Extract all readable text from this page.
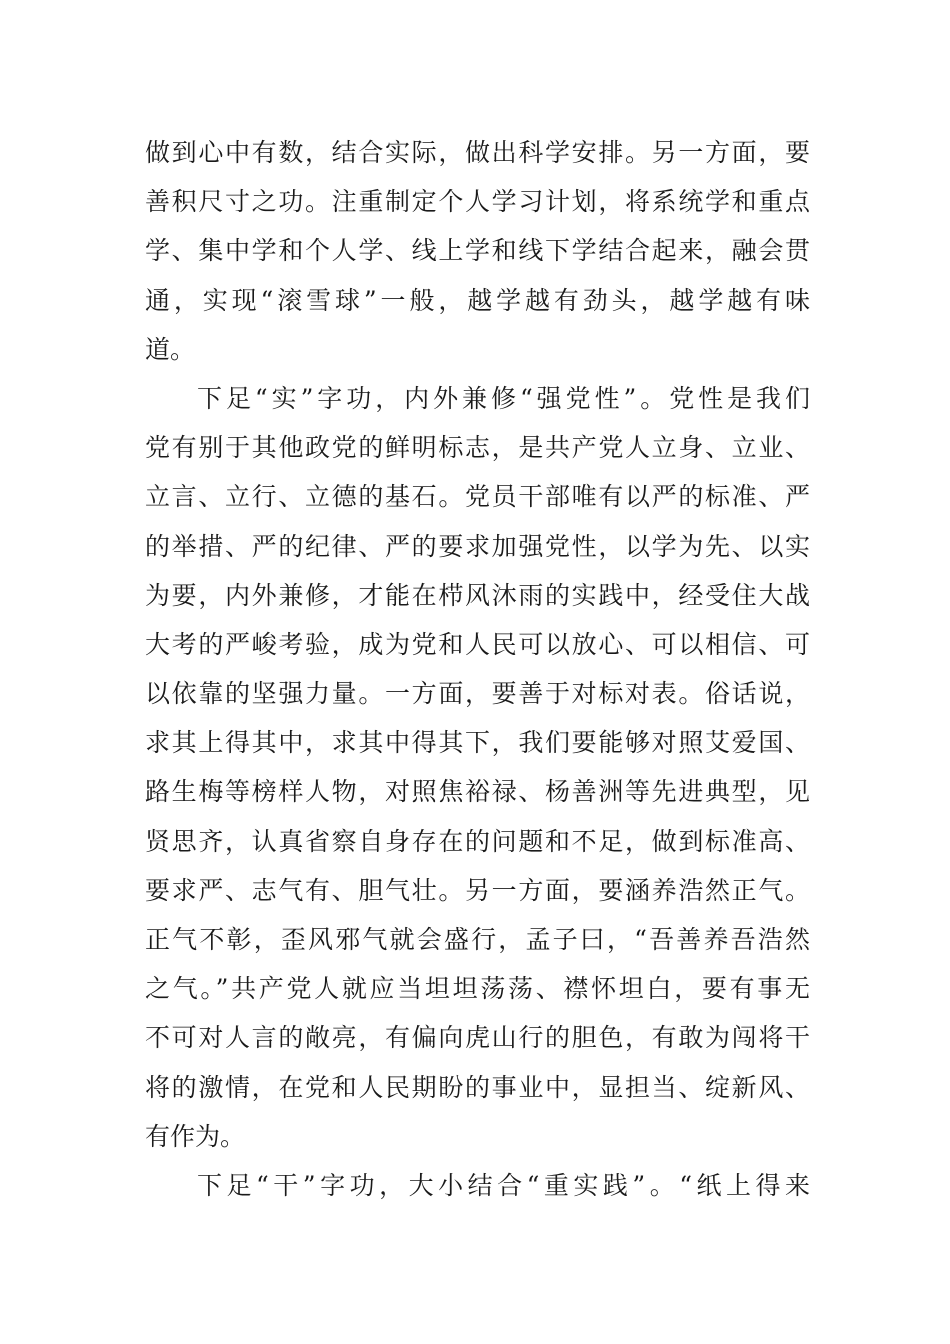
做到心中有数，结合实际，做出科学安排。另一方面，要
善积尺寸之功。注重制定个人学习计划，将系统学和重点
学、集中学和个人学、线上学和线下学结合起来，融会贯
通，实现“滚雪球”一般，越学越有劲头，越学越有味
道。
下足“实”字功，内外兼修“强党性”。党性是我们
党有别于其他政党的鲜明标志，是共产党人立身、立业、
立言、立行、立德的基石。党员干部唯有以严的标准、严
的举措、严的纪律、严的要求加强党性，以学为先、以实
为要，内外兼修，才能在栉风沐雨的实践中，经受住大战
大考的严峻考验，成为党和人民可以放心、可以相信、可
以依靠的坚强力量。一方面，要善于对标对表。俗话说，
求其上得其中，求其中得其下，我们要能够对照艾爱国、
路生梅等榜样人物，对照焦裕禄、杨善洲等先进典型，见
贤思齐，认真省察自身存在的问题和不足，做到标准高、
要求严、志气有、胆气壮。另一方面，要涵养浩然正气。
正气不彰，歪风邪气就会盛行，孟子曰，“吾善养吾浩然
之气。”共产党人就应当坦坦荡荡、襟怀坦白，要有事无
不可对人言的敞亮，有偏向虎山行的胆色，有敢为闯将干
将的激情，在党和人民期盼的事业中，显担当、绽新风、
有作为。
下足“干”字功，大小结合“重实践”。“纸上得来
